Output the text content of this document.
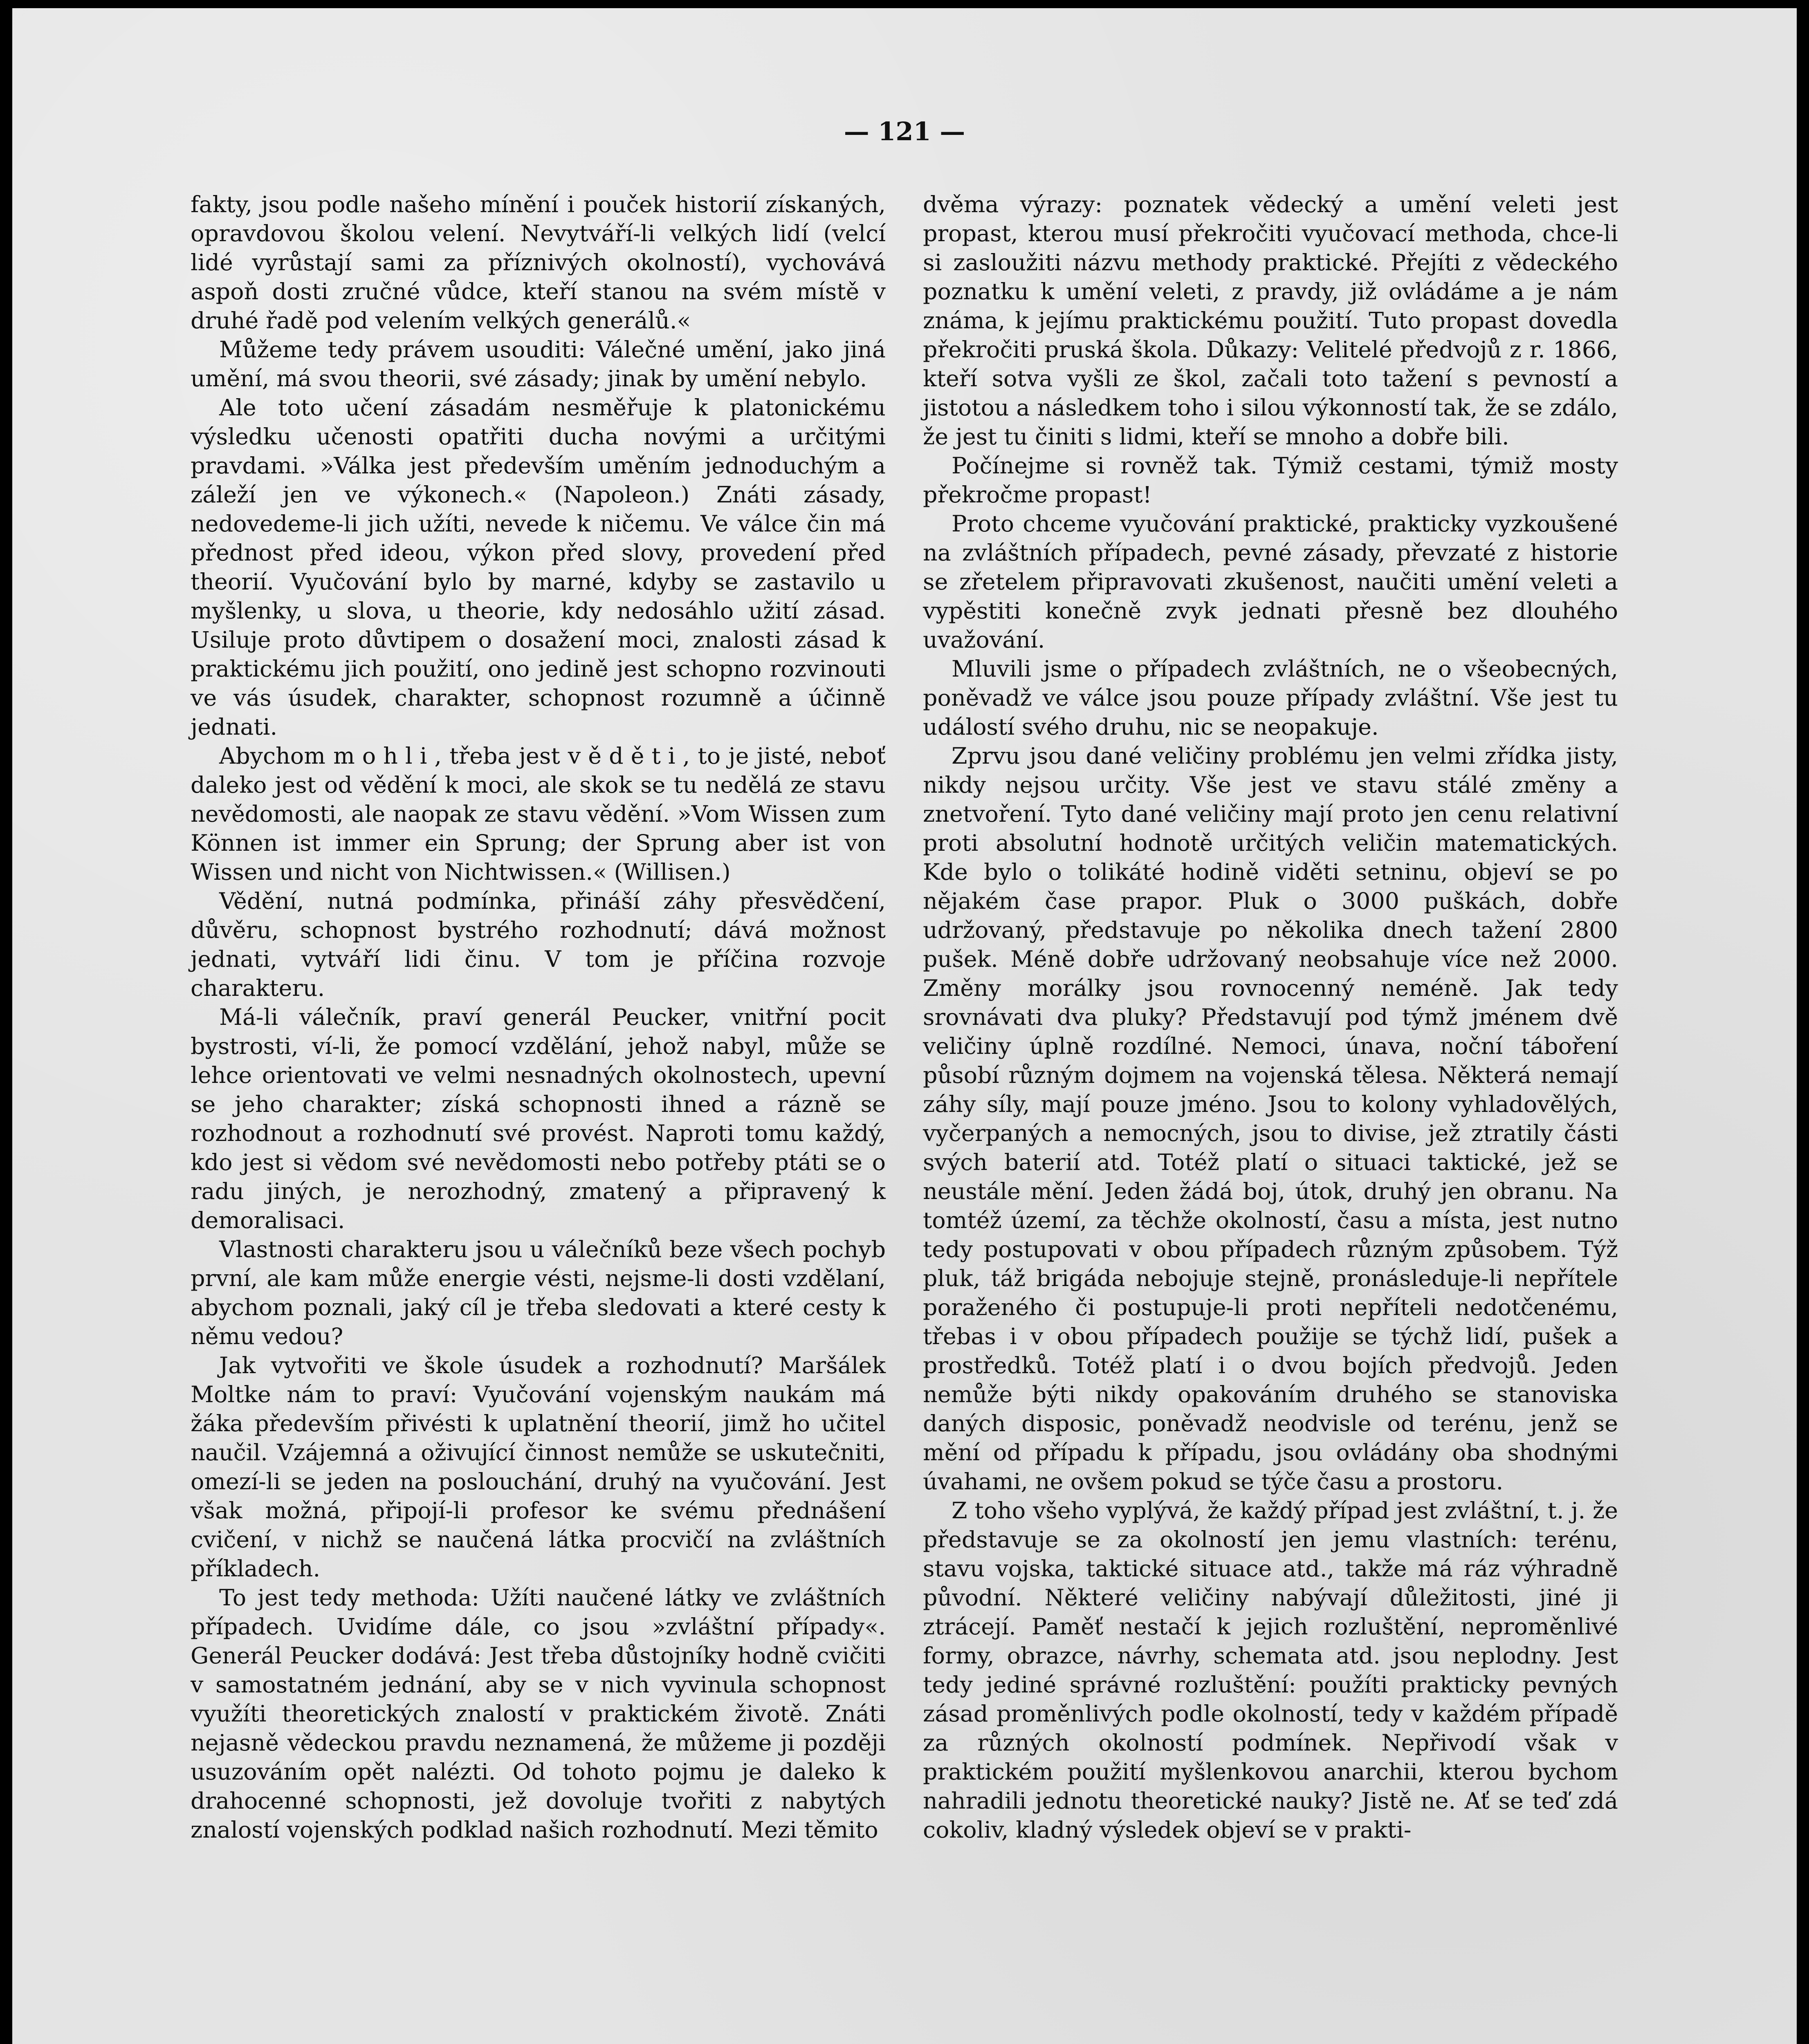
— 121 —

fakty, jsou podle našeho mínění i pouček historií získaných, opravdovou školou velení. Nevytváří-li velkých lidí (velcí lidé vyrůstají sami za příznivých okolností), vychovává aspoň dosti zručné vůdce, kteří stanou na svém místě v druhé řadě pod velením velkých generálů.«

Můžeme tedy právem usouditi: Válečné umění, jako jiná umění, má svou theorii, své zásady; jinak by umění nebylo.

Ale toto učení zásadám nesměřuje k platonickému výsledku učenosti opatřiti ducha novými a určitými pravdami. »Válka jest především uměním jednoduchým a záleží jen ve výkonech.« (Napoleon.) Znáti zásady, nedovedeme-li jich užíti, nevede k ničemu. Ve válce čin má přednost před ideou, výkon před slovy, provedení před theorií. Vyučování bylo by marné, kdyby se zastavilo u myšlenky, u slova, u theorie, kdy nedosáhlo užití zásad. Usiluje proto důvtipem o dosažení moci, znalosti zásad k praktickému jich použití, ono jedině jest schopno rozvinouti ve vás úsudek, charakter, schopnost rozumně a účinně jednati.

Abychom mohli, třeba jest věděti, to je jisté, neboť daleko jest od vědění k moci, ale skok se tu nedělá ze stavu nevědomosti, ale naopak ze stavu vědění. »Vom Wissen zum Können ist immer ein Sprung; der Sprung aber ist von Wissen und nicht von Nichtwissen.« (Willisen.)

Vědění, nutná podmínka, přináší záhy přesvědčení, důvěru, schopnost bystrého rozhodnutí; dává možnost jednati, vytváří lidi činu. V tom je příčina rozvoje charakteru.

Má-li válečník, praví generál Peucker, vnitřní pocit bystrosti, ví-li, že pomocí vzdělání, jehož nabyl, může se lehce orientovati ve velmi nesnadných okolnostech, upevní se jeho charakter; získá schopnosti ihned a rázně se rozhodnout a rozhodnutí své provést. Naproti tomu každý, kdo jest si vědom své nevědomosti nebo potřeby ptáti se o radu jiných, je nerozhodný, zmatený a připravený k demoralisaci.

Vlastnosti charakteru jsou u válečníků beze všech pochyb první, ale kam může energie vésti, nejsme-li dosti vzdělaní, abychom poznali, jaký cíl je třeba sledovati a které cesty k němu vedou?

Jak vytvořiti ve škole úsudek a rozhodnutí? Maršálek Moltke nám to praví: Vyučování vojenským naukám má žáka především přivésti k uplatnění theorií, jimž ho učitel naučil. Vzájemná a oživující činnost nemůže se uskutečniti, omezí-li se jeden na poslouchání, druhý na vyučování. Jest však možná, připojí-li profesor ke svému přednášení cvičení, v nichž se naučená látka procvičí na zvláštních příkladech.

To jest tedy methoda: Užíti naučené látky ve zvláštních případech. Uvidíme dále, co jsou »zvláštní případy«. Generál Peucker dodává: Jest třeba důstojníky hodně cvičiti v samostatném jednání, aby se v nich vyvinula schopnost využíti theoretických znalostí v praktickém životě. Znáti nejasně vědeckou pravdu neznamená, že můžeme ji později usuzováním opět nalézti. Od tohoto pojmu je daleko k drahocenné schopnosti, jež dovoluje tvořiti z nabytých znalostí vojenských podklad našich rozhodnutí. Mezi těmito

dvěma výrazy: poznatek vědecký a umění veleti jest propast, kterou musí překročiti vyučovací methoda, chce-li si zasloužiti názvu methody praktické. Přejíti z vědeckého poznatku k umění veleti, z pravdy, již ovládáme a je nám známa, k jejímu praktickému použití. Tuto propast dovedla překročiti pruská škola. Důkazy: Velitelé předvojů z r. 1866, kteří sotva vyšli ze škol, začali toto tažení s pevností a jistotou a následkem toho i silou výkonností tak, že se zdálo, že jest tu činiti s lidmi, kteří se mnoho a dobře bili.

Počínejme si rovněž tak. Týmiž cestami, týmiž mosty překročme propast!

Proto chceme vyučování praktické, prakticky vyzkoušené na zvláštních případech, pevné zásady, převzaté z historie se zřetelem připravovati zkušenost, naučiti umění veleti a vypěstiti konečně zvyk jednati přesně bez dlouhého uvažování.

Mluvili jsme o případech zvláštních, ne o všeobecných, poněvadž ve válce jsou pouze případy zvláštní. Vše jest tu událostí svého druhu, nic se neopakuje.

Zprvu jsou dané veličiny problému jen velmi zřídka jisty, nikdy nejsou určity. Vše jest ve stavu stálé změny a znetvoření. Tyto dané veličiny mají proto jen cenu relativní proti absolutní hodnotě určitých veličin matematických. Kde bylo o tolikáté hodině viděti setninu, objeví se po nějakém čase prapor. Pluk o 3000 puškách, dobře udržovaný, představuje po několika dnech tažení 2800 pušek. Méně dobře udržovaný neobsahuje více než 2000. Změny morálky jsou rovnocenný neméně. Jak tedy srovnávati dva pluky? Představují pod týmž jménem dvě veličiny úplně rozdílné. Nemoci, únava, noční táboření působí různým dojmem na vojenská tělesa. Některá nemají záhy síly, mají pouze jméno. Jsou to kolony vyhladovělých, vyčerpaných a nemocných, jsou to divise, jež ztratily části svých baterií atd. Totéž platí o situaci taktické, jež se neustále mění. Jeden žádá boj, útok, druhý jen obranu. Na tomtéž území, za těchže okolností, času a místa, jest nutno tedy postupovati v obou případech různým způsobem. Týž pluk, táž brigáda nebojuje stejně, pronásleduje-li nepřítele poraženého či postupuje-li proti nepříteli nedotčenému, třebas i v obou případech použije se týchž lidí, pušek a prostředků. Totéž platí i o dvou bojích předvojů. Jeden nemůže býti nikdy opakováním druhého se stanoviska daných disposic, poněvadž neodvisle od terénu, jenž se mění od případu k případu, jsou ovládány oba shodnými úvahami, ne ovšem pokud se týče času a prostoru.

Z toho všeho vyplývá, že každý případ jest zvláštní, t. j. že představuje se za okolností jen jemu vlastních: terénu, stavu vojska, taktické situace atd., takže má ráz výhradně původní. Některé veličiny nabývají důležitosti, jiné ji ztrácejí. Paměť nestačí k jejich rozluštění, neproměnlivé formy, obrazce, návrhy, schemata atd. jsou neplodny. Jest tedy jediné správné rozluštění: použíti prakticky pevných zásad proměnlivých podle okolností, tedy v každém případě za různých okolností podmínek. Nepřivodí však v praktickém použití myšlenkovou anarchii, kterou bychom nahradili jednotu theoretické nauky? Jistě ne. Ať se teď zdá cokoliv, kladný výsledek objeví se v prakti-
